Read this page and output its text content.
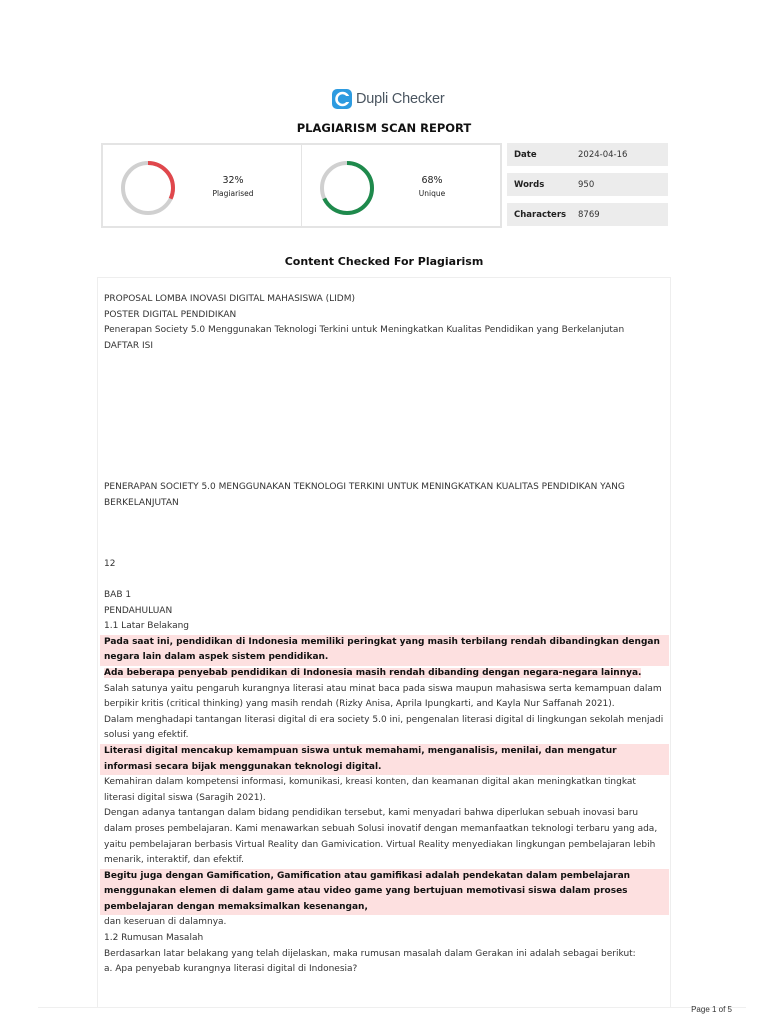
Dupli Checker
PLAGIARISM SCAN REPORT
32%
Plagiarised
68%
Unique
Date	2024-04-16
Words	950
Characters	8769
Content Checked For Plagiarism

PROPOSAL LOMBA INOVASI DIGITAL MAHASISWA (LIDM)

POSTER DIGITAL PENDIDIKAN

Penerapan Society 5.0 Menggunakan Teknologi Terkini untuk Meningkatkan Kualitas Pendidikan yang Berkelanjutan

DAFTAR ISI

PENERAPAN SOCIETY 5.0 MENGGUNAKAN TEKNOLOGI TERKINI UNTUK MENINGKATKAN KUALITAS PENDIDIKAN YANG BERKELANJUTAN

12

BAB 1

PENDAHULUAN

1.1 Latar Belakang

Pada saat ini, pendidikan di Indonesia memiliki peringkat yang masih terbilang rendah dibandingkan dengan negara lain dalam aspek sistem pendidikan.

Ada beberapa penyebab pendidikan di Indonesia masih rendah dibanding dengan negara-negara lainnya. Salah satunya yaitu pengaruh kurangnya literasi atau minat baca pada siswa maupun mahasiswa serta kemampuan dalam berpikir kritis (critical thinking) yang masih rendah (Rizky Anisa, Aprila Ipungkarti, and Kayla Nur Saffanah 2021).

Dalam menghadapi tantangan literasi digital di era society 5.0 ini, pengenalan literasi digital di lingkungan sekolah menjadi solusi yang efektif.

Literasi digital mencakup kemampuan siswa untuk memahami, menganalisis, menilai, dan mengatur informasi secara bijak menggunakan teknologi digital.

Kemahiran dalam kompetensi informasi, komunikasi, kreasi konten, dan keamanan digital akan meningkatkan tingkat literasi digital siswa (Saragih 2021).

Dengan adanya tantangan dalam bidang pendidikan tersebut, kami menyadari bahwa diperlukan sebuah inovasi baru dalam proses pembelajaran. Kami menawarkan sebuah Solusi inovatif dengan memanfaatkan teknologi terbaru yang ada, yaitu pembelajaran berbasis Virtual Reality dan Gamivication. Virtual Reality menyediakan lingkungan pembelajaran lebih menarik, interaktif, dan efektif.

Begitu juga dengan Gamification, Gamification atau gamifikasi adalah pendekatan dalam pembelajaran menggunakan elemen di dalam game atau video game yang bertujuan memotivasi siswa dalam proses pembelajaran dengan memaksimalkan kesenangan,

dan keseruan di dalamnya.

1.2 Rumusan Masalah

Berdasarkan latar belakang yang telah dijelaskan, maka rumusan masalah dalam Gerakan ini adalah sebagai berikut:

a. Apa penyebab kurangnya literasi digital di Indonesia?

Page 1 of 5
